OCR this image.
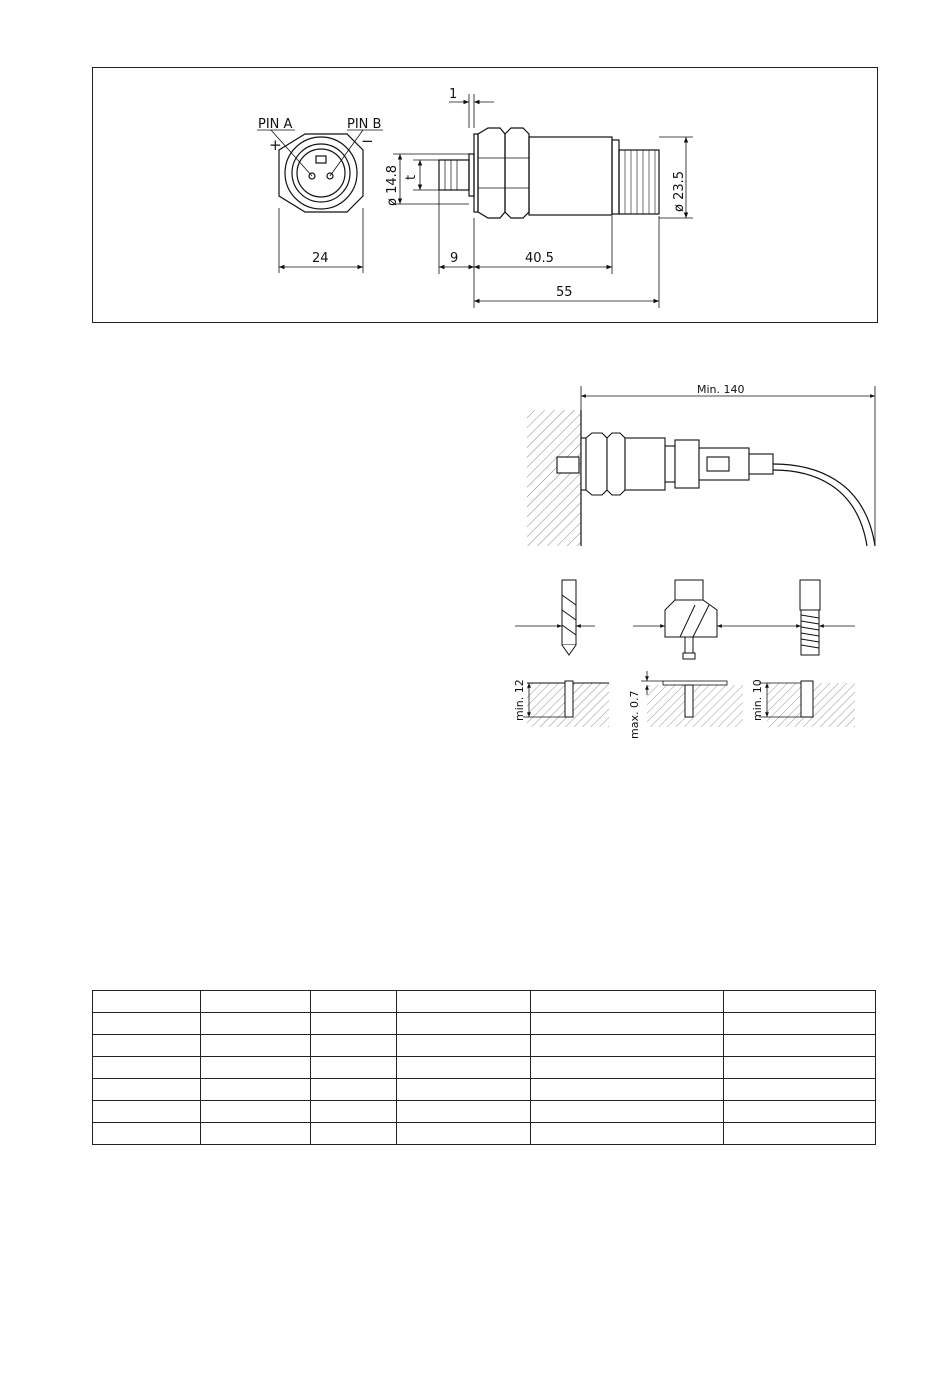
PIN A	PIN B
+	−
24
1
9	40.5
55
ø 14.8 t	ø 23.5
Min. 140
min. 12	max. 0.7	min. 10
